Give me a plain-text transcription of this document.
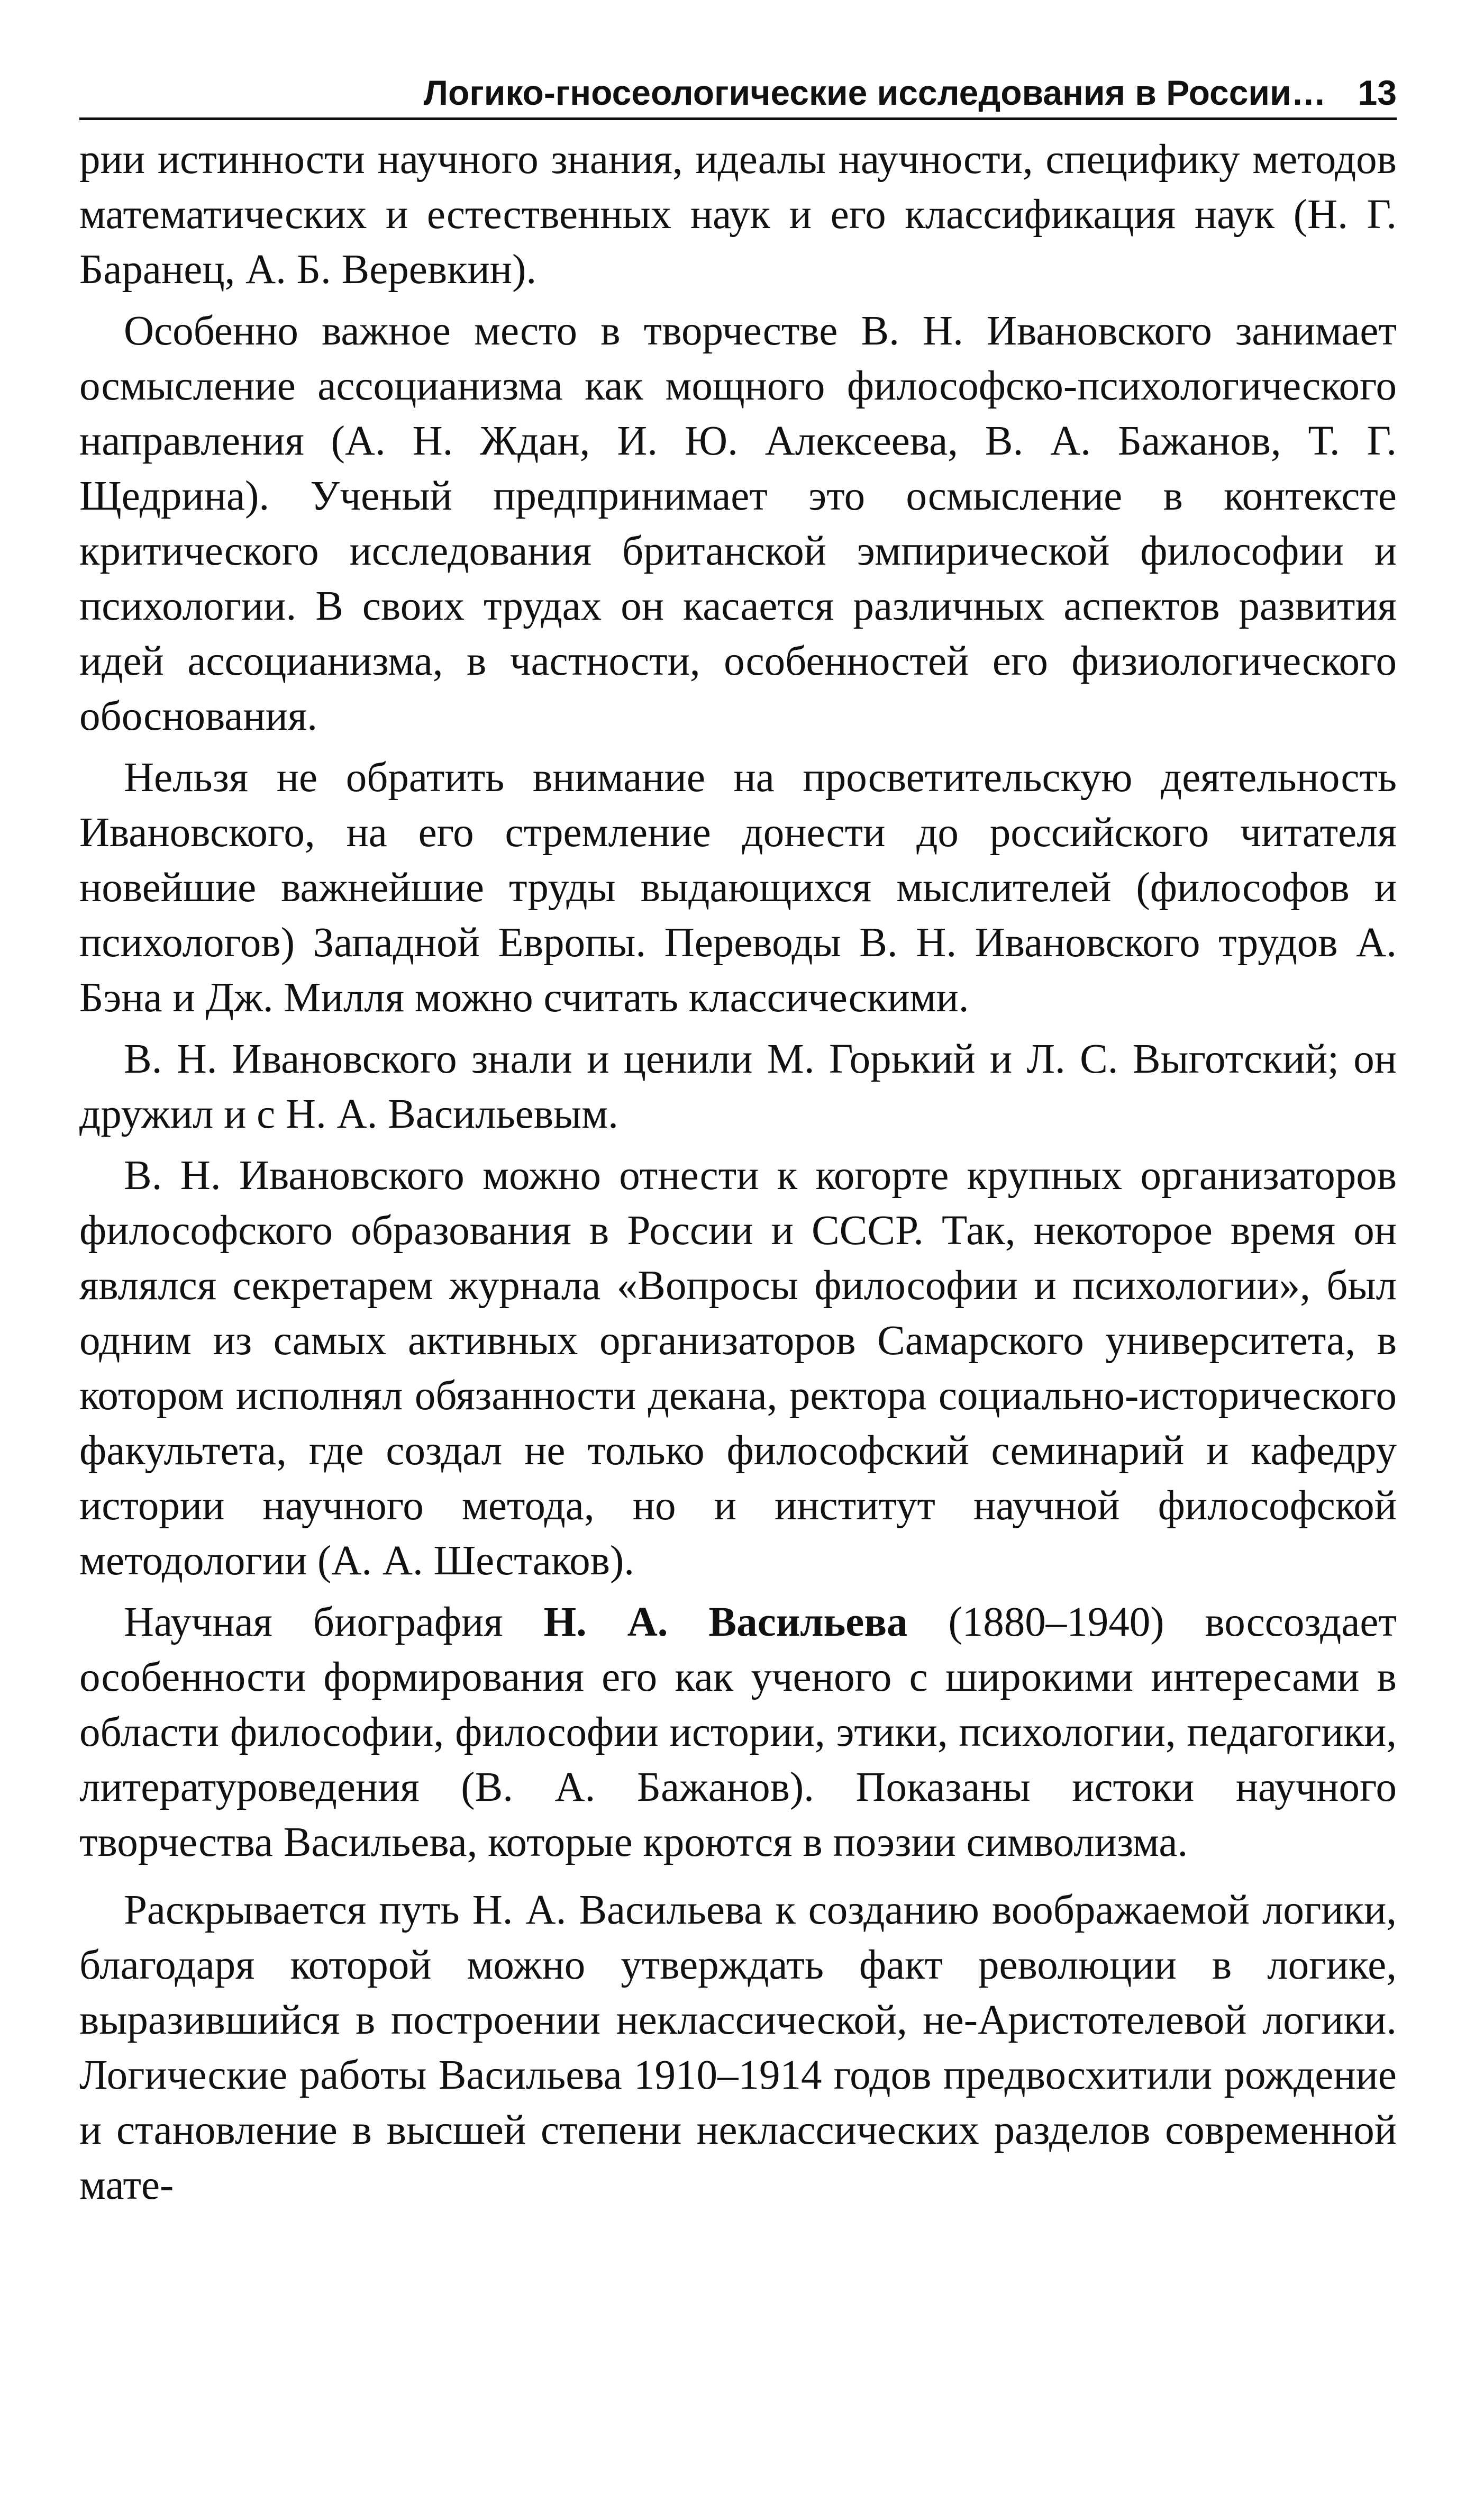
Логико-гносеологические исследования в России… 13

рии истинности научного знания, идеалы научности, специфику методов математических и естественных наук и его классификация наук (Н. Г. Баранец, А. Б. Веревкин).

Особенно важное место в творчестве В. Н. Ивановского занимает осмысление ассоцианизма как мощного философско-психологического направления (А. Н. Ждан, И. Ю. Алексеева, В. А. Бажанов, Т. Г. Щедрина). Ученый предпринимает это осмысление в контексте критического исследования британской эмпирической философии и психологии. В своих трудах он касается различных аспектов развития идей ассоцианизма, в частности, особенностей его физиологического обоснования.

Нельзя не обратить внимание на просветительскую деятельность Ивановского, на его стремление донести до российского читателя новейшие важнейшие труды выдающихся мыслителей (философов и психологов) Западной Европы. Переводы В. Н. Ивановского трудов А. Бэна и Дж. Милля можно считать классическими.

В. Н. Ивановского знали и ценили М. Горький и Л. С. Выготский; он дружил и с Н. А. Васильевым.

В. Н. Ивановского можно отнести к когорте крупных организаторов философского образования в России и СССР. Так, некоторое время он являлся секретарем журнала «Вопросы философии и психологии», был одним из самых активных организаторов Самарского университета, в котором исполнял обязанности декана, ректора социально-исторического факультета, где создал не только философский семинарий и кафедру истории научного метода, но и институт научной философской методологии (А. А. Шестаков).

Научная биография Н. А. Васильева (1880–1940) воссоздает особенности формирования его как ученого с широкими интересами в области философии, философии истории, этики, психологии, педагогики, литературоведения (В. А. Бажанов). Показаны истоки научного творчества Васильева, которые кроются в поэзии символизма.

Раскрывается путь Н. А. Васильева к созданию воображаемой логики, благодаря которой можно утверждать факт революции в логике, выразившийся в построении неклассической, не-Аристотелевой логики. Логические работы Васильева 1910–1914 годов предвосхитили рождение и становление в высшей степени неклассических разделов современной мате-
